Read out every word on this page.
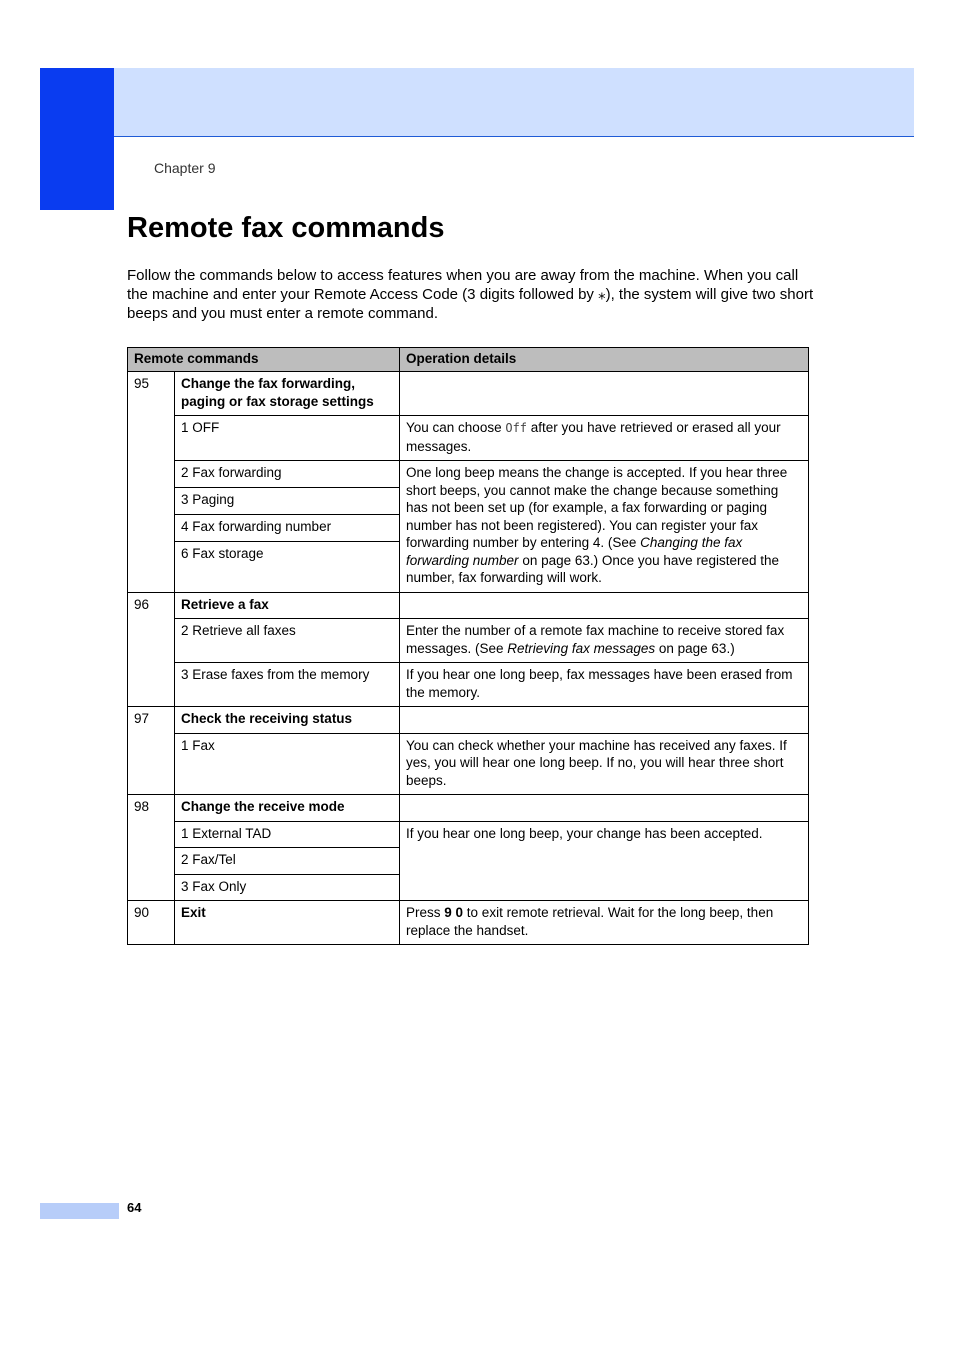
Chapter 9
Remote fax commands

Follow the commands below to access features when you are away from the machine. When you call the machine and enter your Remote Access Code (3 digits followed by ⁎), the system will give two short beeps and you must enter a remote command.

Remote commands		Operation details
95	Change the fax forwarding, paging or fax storage settings	
	1 OFF	You can choose Off after you have retrieved or erased all your messages.
	2 Fax forwarding	One long beep means the change is accepted. If you hear three short beeps, you cannot make the change because something has not been set up (for example, a fax forwarding or paging number has not been registered). You can register your fax forwarding number by entering 4. (See Changing the fax forwarding number on page 63.) Once you have registered the number, fax forwarding will work.
	3 Paging	
	4 Fax forwarding number	
	6 Fax storage	
96	Retrieve a fax	
	2 Retrieve all faxes	Enter the number of a remote fax machine to receive stored fax messages. (See Retrieving fax messages on page 63.)
	3 Erase faxes from the memory	If you hear one long beep, fax messages have been erased from the memory.
97	Check the receiving status	
	1 Fax	You can check whether your machine has received any faxes. If yes, you will hear one long beep. If no, you will hear three short beeps.
98	Change the receive mode	
	1 External TAD	If you hear one long beep, your change has been accepted.
	2 Fax/Tel	
	3 Fax Only	
90	Exit	Press 9 0 to exit remote retrieval. Wait for the long beep, then replace the handset.
64
